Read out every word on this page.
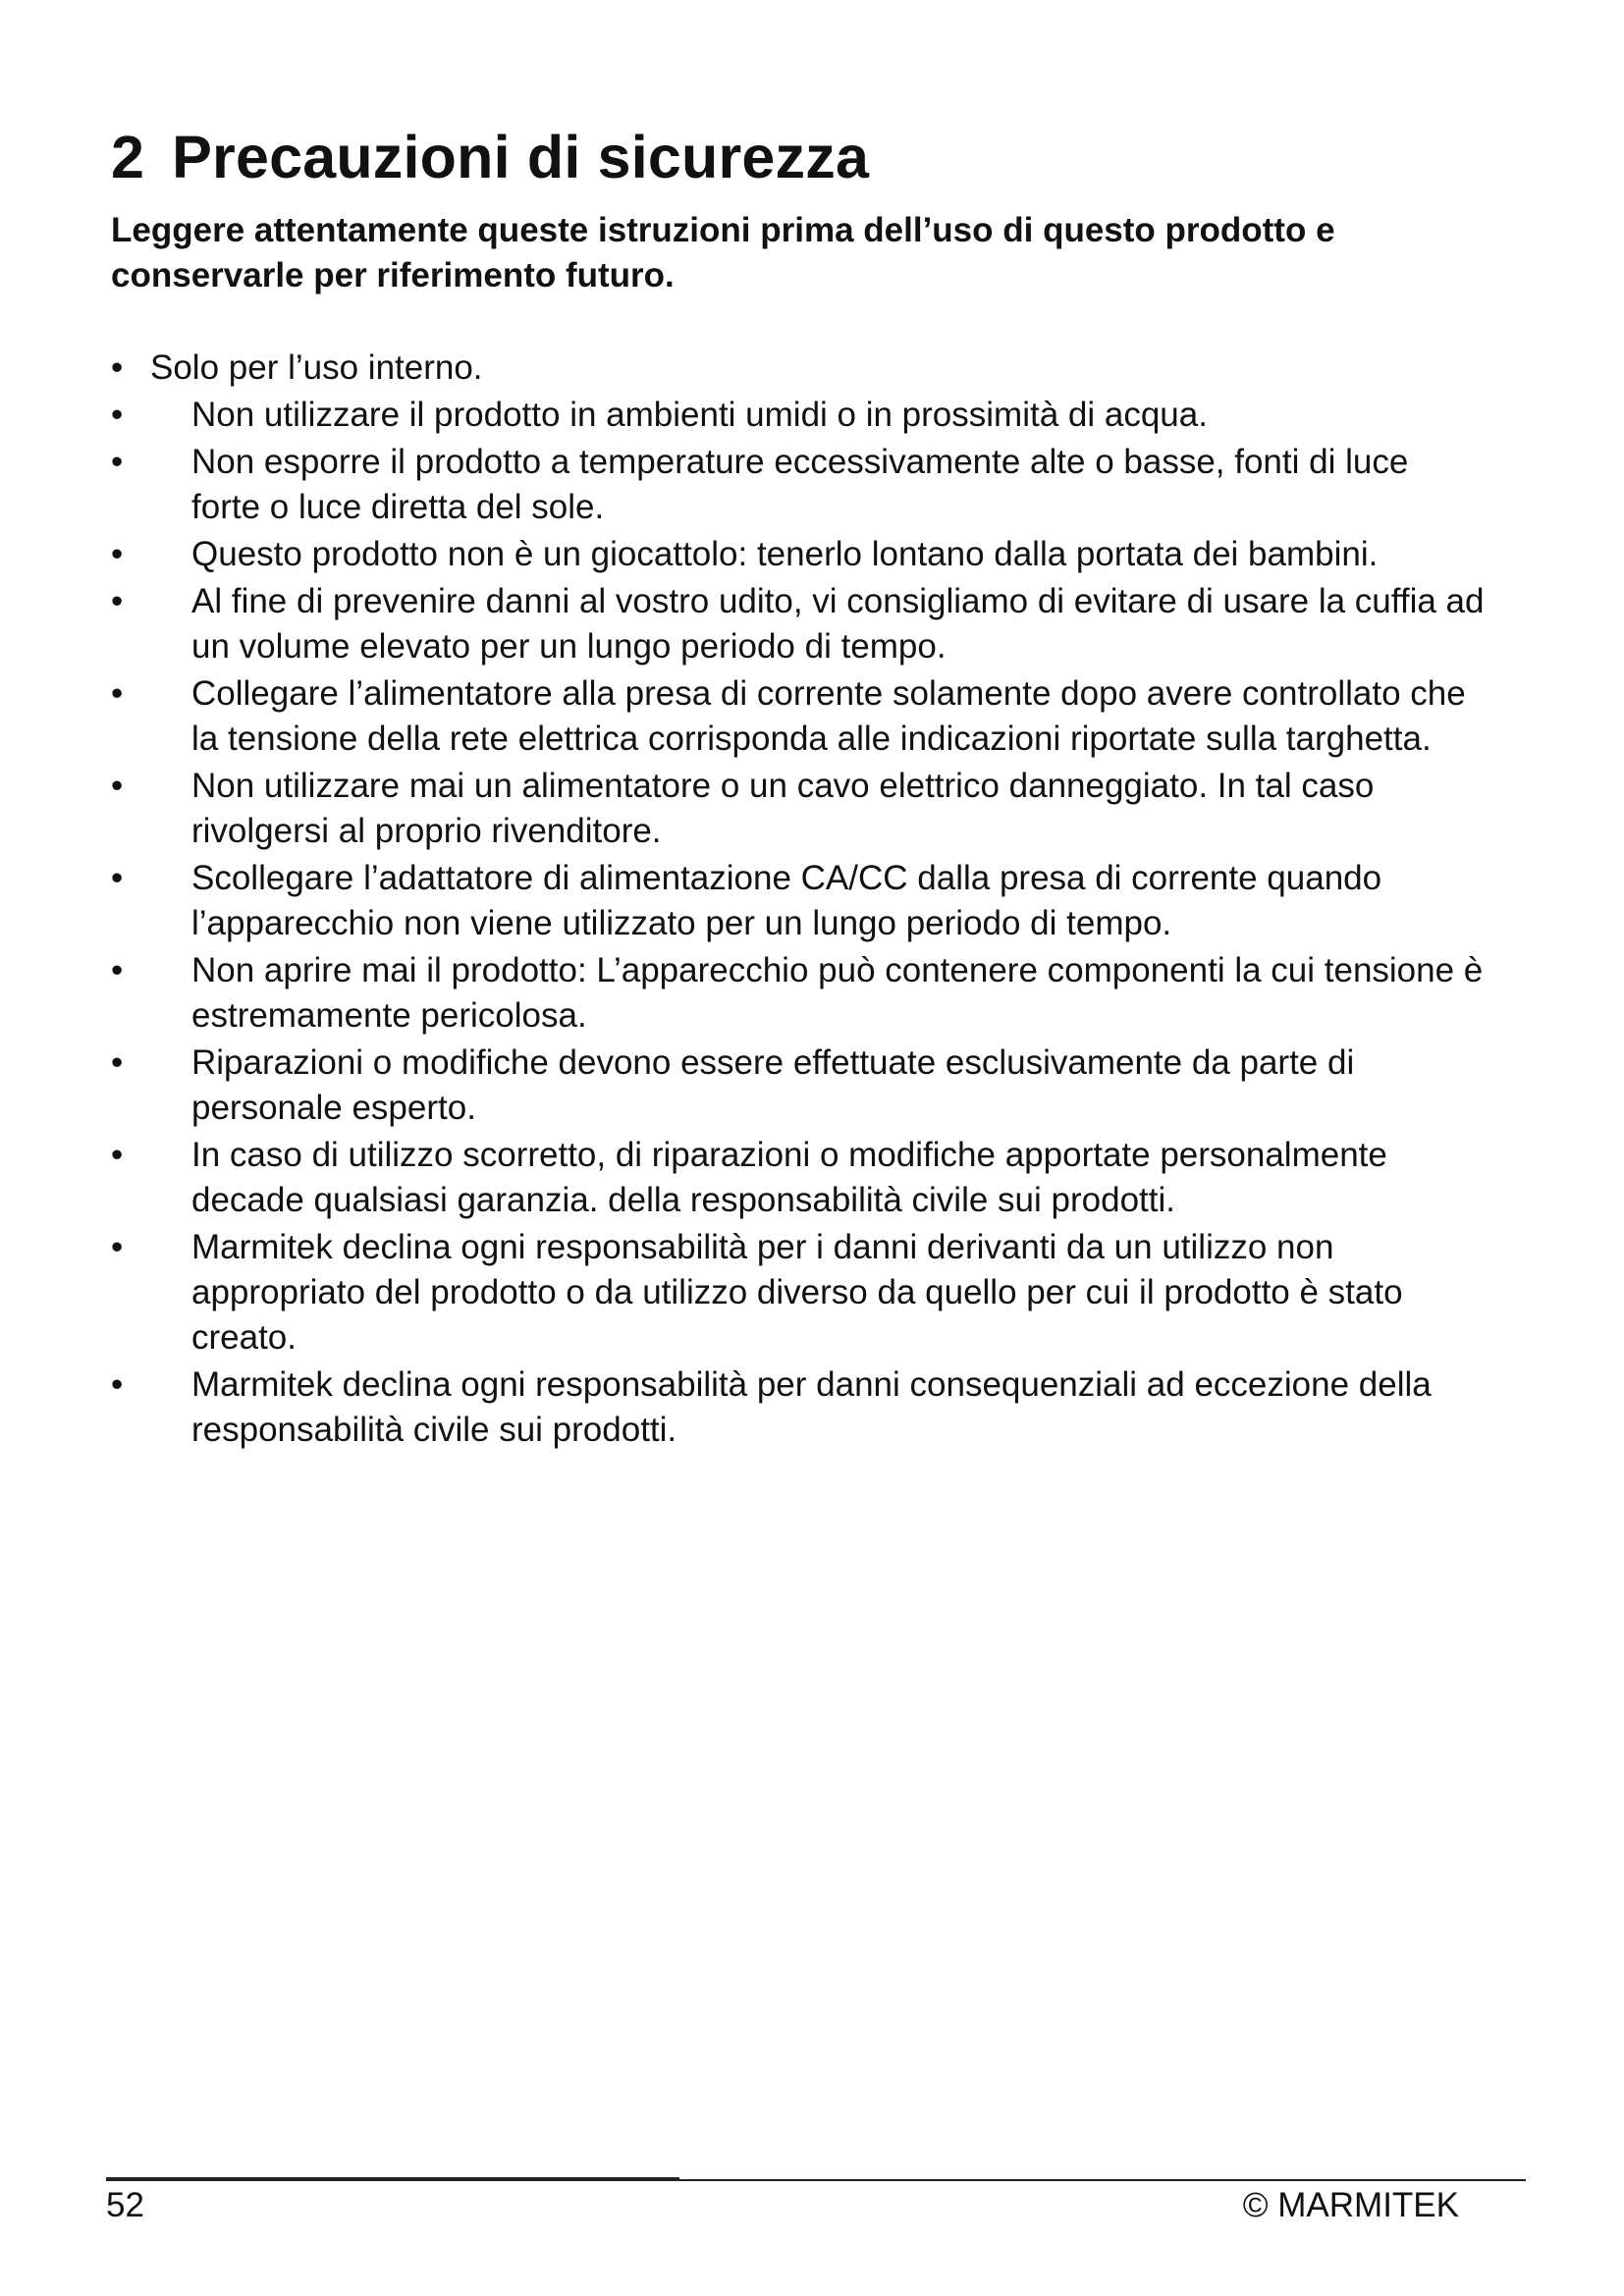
2 Precauzioni di sicurezza

Leggere attentamente queste istruzioni prima dell’uso di questo prodotto e conservarle per riferimento futuro.

• Solo per l’uso interno.
•	Non utilizzare il prodotto in ambienti umidi o in prossimità di acqua.
•	Non esporre il prodotto a temperature eccessivamente alte o basse, fonti di luce forte o luce diretta del sole.
•	Questo prodotto non è un giocattolo: tenerlo lontano dalla portata dei bambini.
•	Al fine di prevenire danni al vostro udito, vi consigliamo di evitare di usare la cuffia ad un volume elevato per un lungo periodo di tempo.
•	Collegare l’alimentatore alla presa di corrente solamente dopo avere controllato che la tensione della rete elettrica corrisponda alle indicazioni riportate sulla targhetta.
•	Non utilizzare mai un alimentatore o un cavo elettrico danneggiato. In tal caso rivolgersi al proprio rivenditore.
•	Scollegare l’adattatore di alimentazione CA/CC dalla presa di corrente quando l’apparecchio non viene utilizzato per un lungo periodo di tempo.
•	Non aprire mai il prodotto: L’apparecchio può contenere componenti la cui tensione è estremamente pericolosa.
•	Riparazioni o modifiche devono essere effettuate esclusivamente da parte di personale esperto.
•	In caso di utilizzo scorretto, di riparazioni o modifiche apportate personalmente decade qualsiasi garanzia. della responsabilità civile sui prodotti.
•	Marmitek declina ogni responsabilità per i danni derivanti da un utilizzo non appropriato del prodotto o da utilizzo diverso da quello per cui il prodotto è stato creato.
•	Marmitek declina ogni responsabilità per danni consequenziali ad eccezione della responsabilità civile sui prodotti.
52	© MARMITEK
